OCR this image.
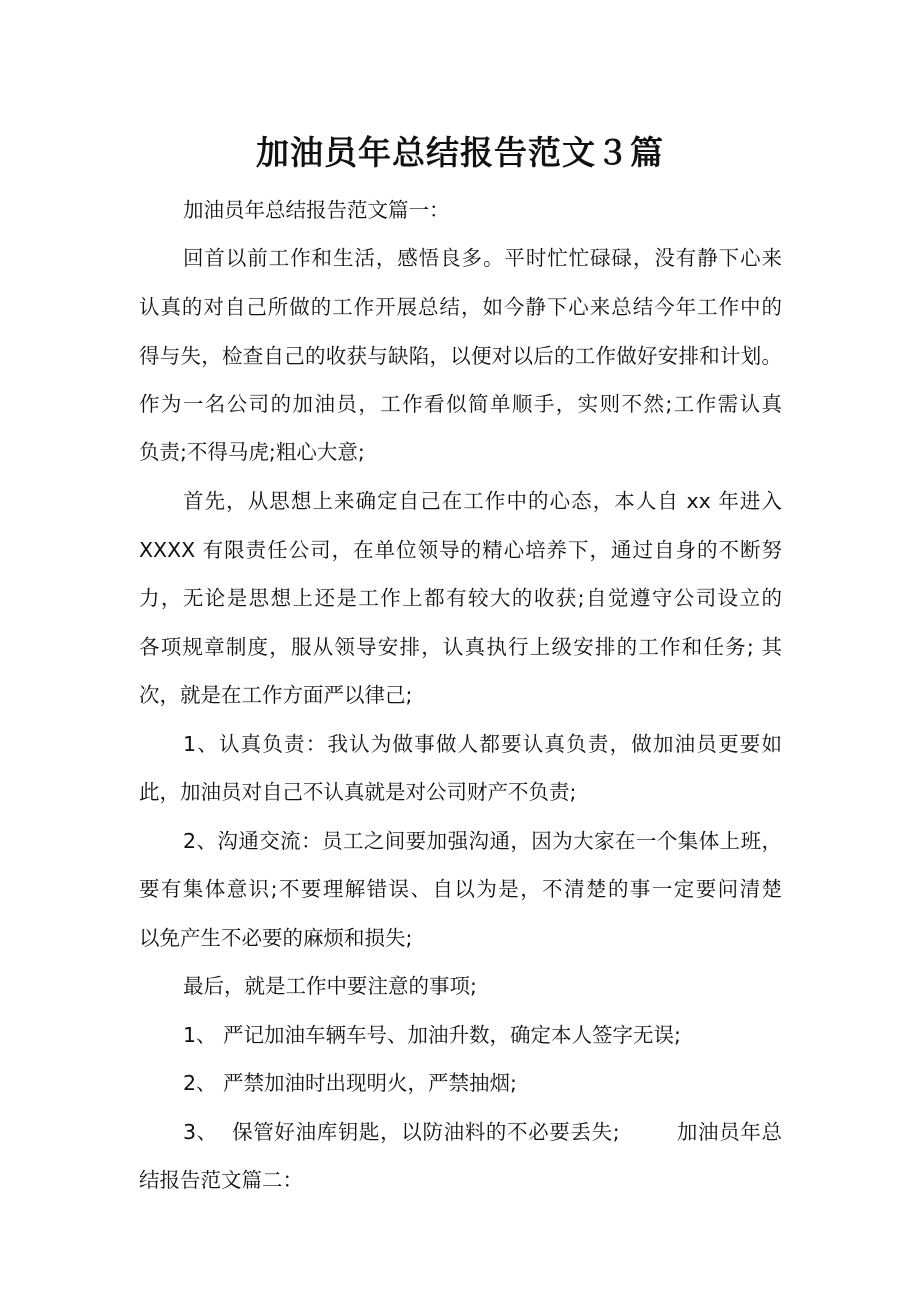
加油员年总结报告范文３篇
加油员年总结报告范文篇一：
回首以前工作和生活，感悟良多。平时忙忙碌碌，没有静下心来
认真的对自己所做的工作开展总结，如今静下心来总结今年工作中的
得与失，检查自己的收获与缺陷，以便对以后的工作做好安排和计划。
作为一名公司的加油员，工作看似简单顺手，实则不然;工作需认真
负责;不得马虎;粗心大意;
首先，从思想上来确定自己在工作中的心态，本人自 xx 年进入
XXXX 有限责任公司，在单位领导的精心培养下，通过自身的不断努
力，无论是思想上还是工作上都有较大的收获;自觉遵守公司设立的
各项规章制度，服从领导安排，认真执行上级安排的工作和任务; 其
次，就是在工作方面严以律己;
1、认真负责：我认为做事做人都要认真负责，做加油员更要如
此，加油员对自己不认真就是对公司财产不负责;
2、沟通交流：员工之间要加强沟通，因为大家在一个集体上班，
要有集体意识;不要理解错误、自以为是，不清楚的事一定要问清楚
以免产生不必要的麻烦和损失;
最后，就是工作中要注意的事项;
1、 严记加油车辆车号、加油升数，确定本人签字无误;
2、 严禁加油时出现明火，严禁抽烟;
3、  保管好油库钥匙，以防油料的不必要丢失;        加油员年总
结报告范文篇二：
